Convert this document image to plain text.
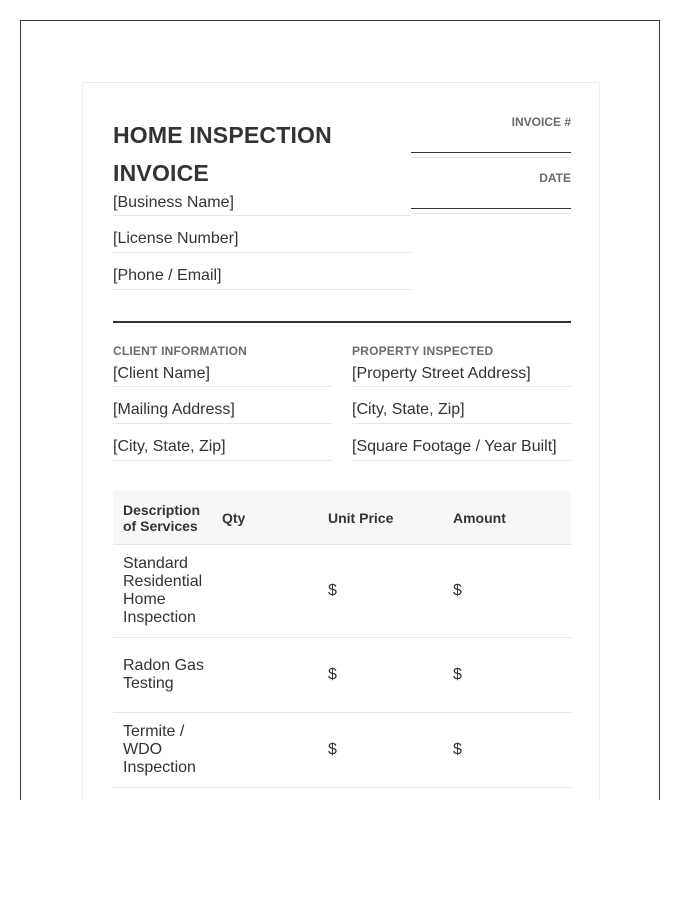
HOME INSPECTION
INVOICE
INVOICE #
DATE
[Business Name]
[License Number]
[Phone / Email]
CLIENT INFORMATION	PROPERTY INSPECTED
[Client Name]	[Property Street Address]
[Mailing Address]	[City, State, Zip]
[City, State, Zip]	[Square Footage / Year Built]
Description of Services	Qty	Unit Price	Amount
Standard Residential Home Inspection		$	$
Radon Gas Testing		$	$
Termite / WDO Inspection		$	$
